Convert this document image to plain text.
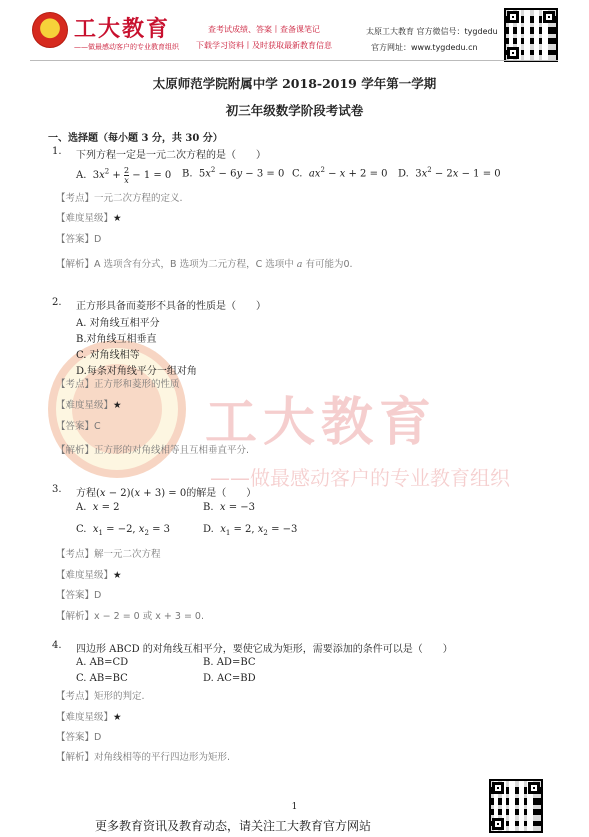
工大教育
——做最感动客户的专业教育组织
查考试成绩、答案丨查备课笔记
下载学习资料丨及时获取最新教育信息
太原工大教育 官方微信号：tygdedu
官方网址：www.tygdedu.cn
工大教育
——做最感动客户的专业教育组织
太原师范学院附属中学 2018-2019 学年第一学期
初三年级数学阶段考试卷
一、选择题（每小题 3 分，共 30 分）
1. 下列方程一定是一元二次方程的是（　　）
A.  $3x^2 + \frac{2}{x} - 1 = 0$ B.  $5x^2 - 6y - 3 = 0$ C.  $ax^2 - x + 2 = 0$ D.  $3x^2 - 2x - 1 = 0$
【考点】一元二次方程的定义.
【难度星级】★
【答案】D
【解析】A 选项含有分式，B 选项为二元方程，C 选项中 a 有可能为0.
2. 正方形具备而菱形不具备的性质是（　　）
A. 对角线互相平分
B.对角线互相垂直
C. 对角线相等
D.每条对角线平分一组对角
【考点】正方形和菱形的性质
【难度星级】★
【答案】C
【解析】正方形的对角线相等且互相垂直平分.
3. 方程(x − 2)(x + 3) = 0的解是（　　）
A.  x = 2	B.  x = −3
C.  $x_1 = -2$, $x_2 = 3$	D.  $x_1 = 2$, $x_2 = -3$
【考点】解一元二次方程
【难度星级】★
【答案】D
【解析】x − 2 = 0 或 x + 3 = 0.
4. 四边形 ABCD 的对角线互相平分，要使它成为矩形，需要添加的条件可以是（　　）
A. AB=CD	B. AD=BC
C. AB=BC	D. AC=BD
【考点】矩形的判定.
【难度星级】★
【答案】D
【解析】对角线相等的平行四边形为矩形.
1
更多教育资讯及教育动态，请关注工大教育官方网站
